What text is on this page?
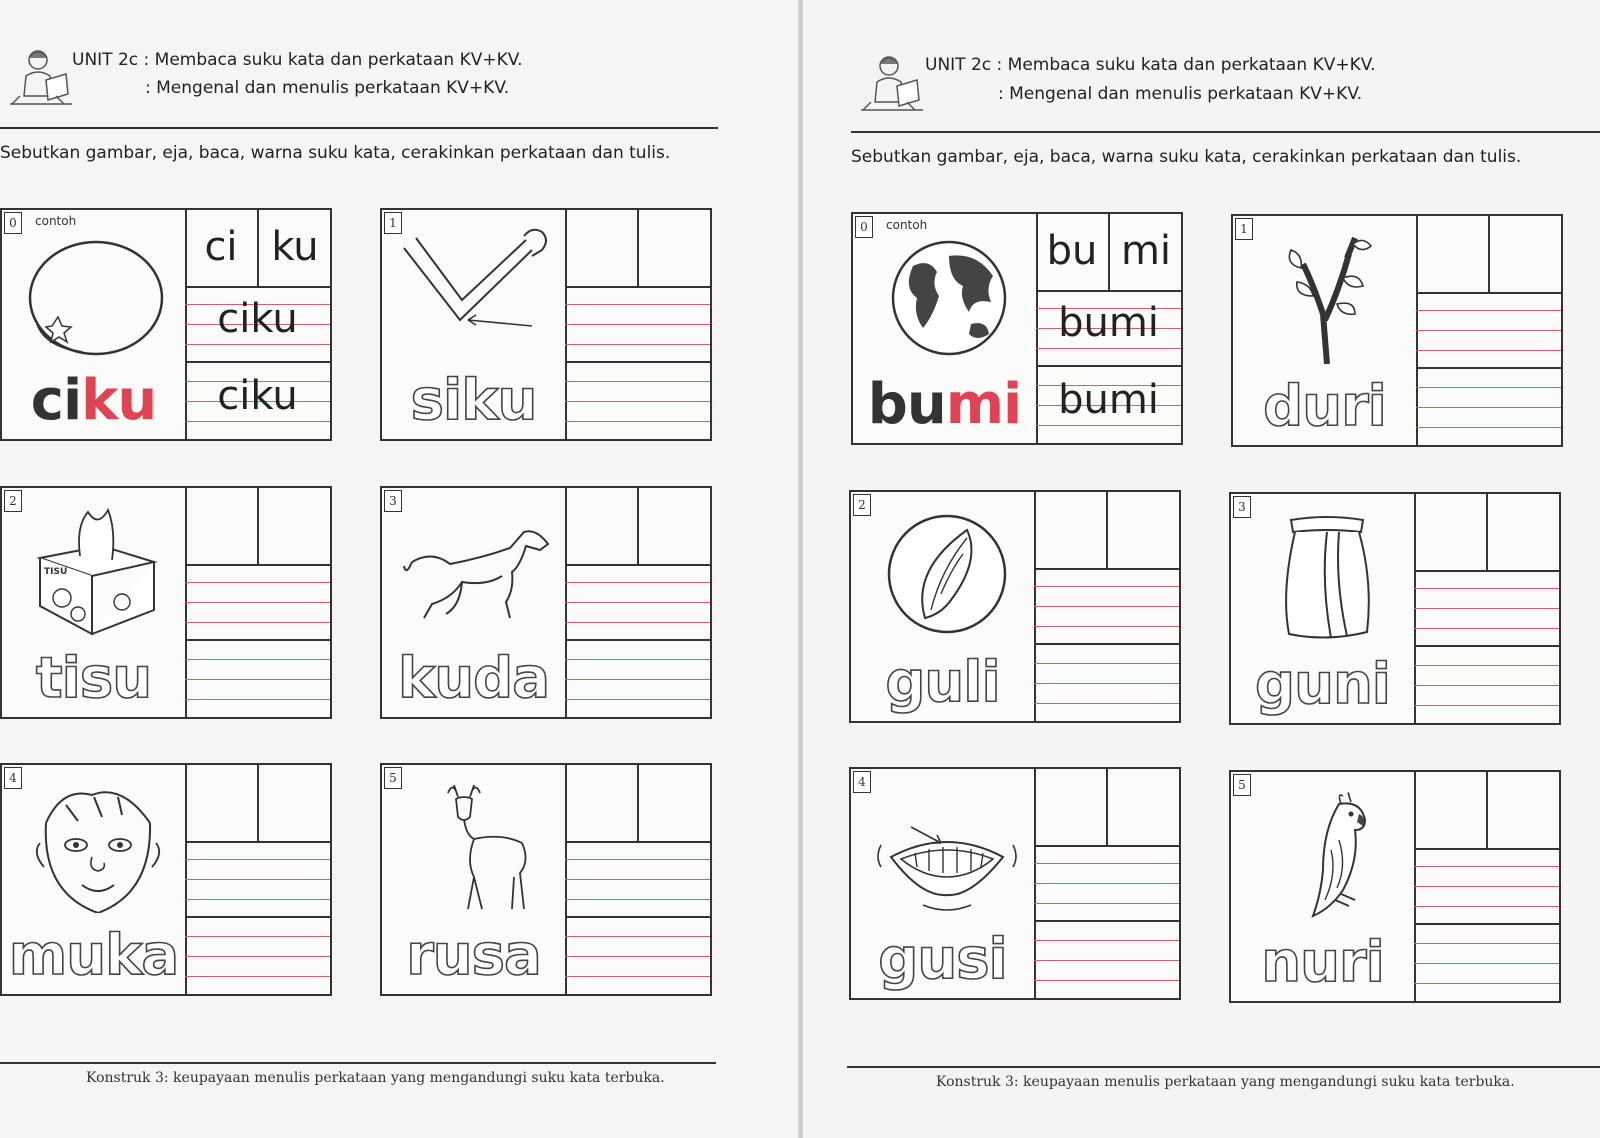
UNIT 2c : Membaca suku kata dan perkataan KV+KV.
: Mengenal dan menulis perkataan KV+KV.
Sebutkan gambar, eja, baca, warna suku kata, cerakinkan perkataan dan tulis.
0	contoh
ciku
ci ku
ciku
ciku
1
siku
2
TISU
tisu
3
kuda
4
muka
5
rusa
Konstruk 3: keupayaan menulis perkataan yang mengandungi suku kata terbuka.
UNIT 2c : Membaca suku kata dan perkataan KV+KV.
: Mengenal dan menulis perkataan KV+KV.
Sebutkan gambar, eja, baca, warna suku kata, cerakinkan perkataan dan tulis.
0	contoh
bumi
bu mi
bumi
bumi
1
duri
2
guli
3
guni
4
gusi
5
nuri
Konstruk 3: keupayaan menulis perkataan yang mengandungi suku kata terbuka.
